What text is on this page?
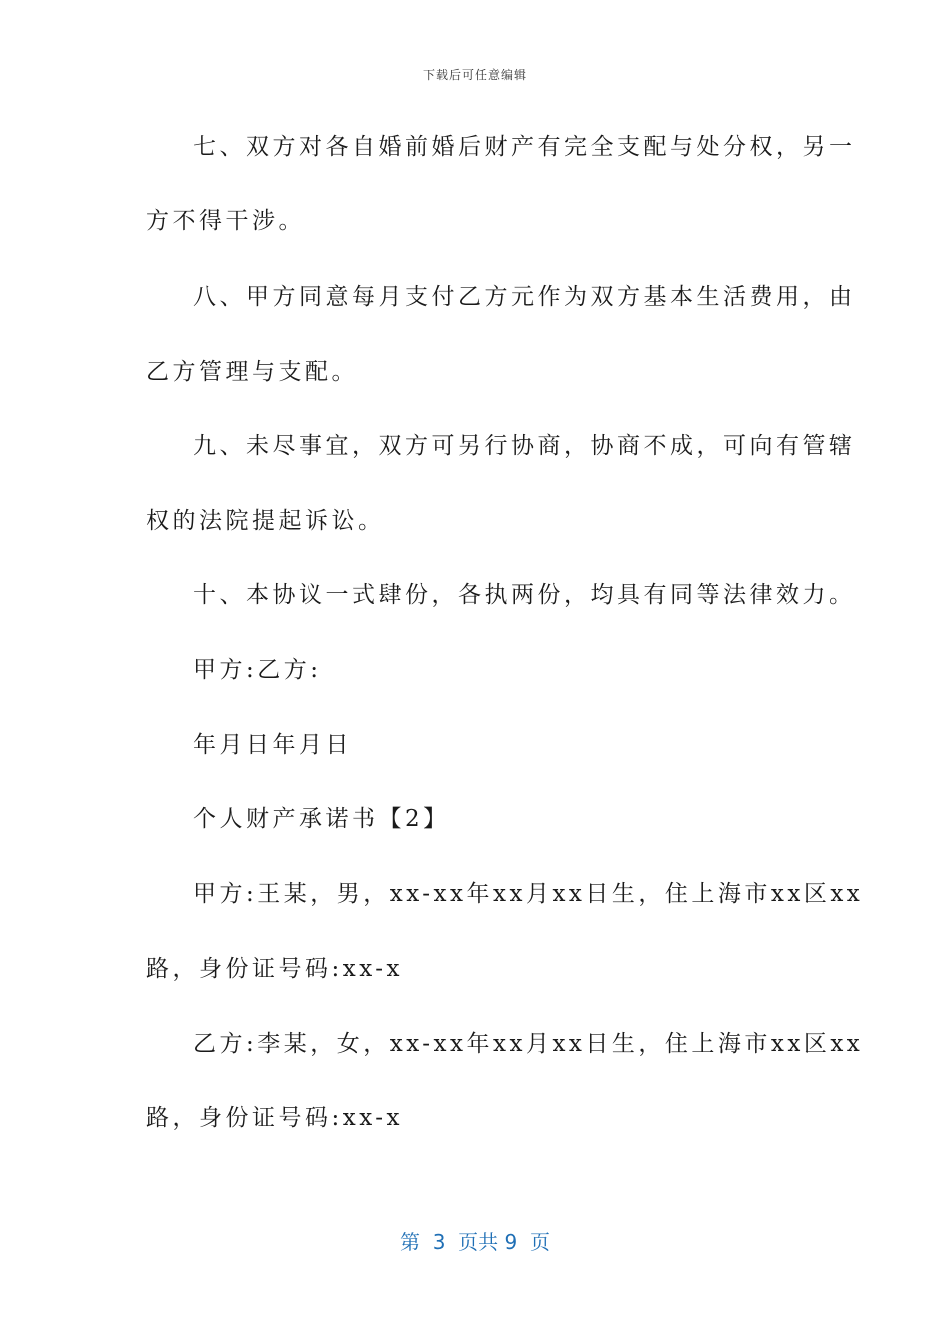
下载后可任意编辑
七、双方对各自婚前婚后财产有完全支配与处分权，另一
方不得干涉。
八、甲方同意每月支付乙方元作为双方基本生活费用，由
乙方管理与支配。
九、未尽事宜，双方可另行协商，协商不成，可向有管辖
权的法院提起诉讼。
十、本协议一式肆份，各执两份，均具有同等法律效力。
甲方:乙方:
年月日年月日
个人财产承诺书【2】
甲方:王某，男，xx-xx年xx月xx日生，住上海市xx区xx
路，身份证号码:xx-x
乙方:李某，女，xx-xx年xx月xx日生，住上海市xx区xx
路，身份证号码:xx-x
第  3  页共 9  页
